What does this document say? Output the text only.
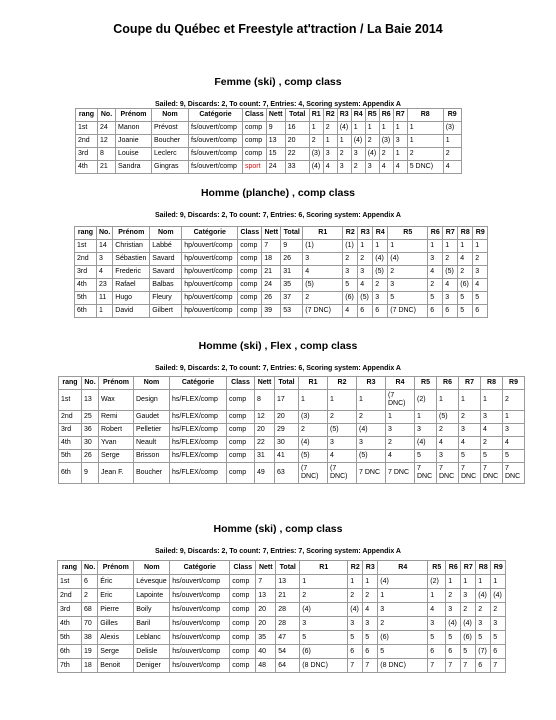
Coupe du Québec et Freestyle at'traction / La Baie 2014
Femme (ski) , comp class
Sailed: 9, Discards: 2, To count: 7, Entries: 4, Scoring system: Appendix A
rang	No.	Prénom	Nom	Catégorie	Class	Nett	Total	R1	R2	R3	R4	R5	R6	R7	R8	R9
1st	24	Manon	Prévost	fs/ouvert/comp	comp	9	16	1	2	(4)	1	1	1	1	1	(3)
2nd	12	Joanie	Boucher	fs/ouvert/comp	comp	13	20	2	1	1	(4)	2	(3)	3	1	1
3rd	8	Louise	Leclerc	fs/ouvert/comp	comp	15	22	(3)	3	2	3	(4)	2	1	2	2
4th	21	Sandra	Gingras	fs/ouvert/comp	sport	24	33	(4)	4	3	2	3	4	4	5 DNC)	4
Homme (planche) , comp class
Sailed: 9, Discards: 2, To count: 7, Entries: 6, Scoring system: Appendix A
rang	No.	Prénom	Nom	Catégorie	Class	Nett	Total	R1	R2	R3	R4	R5	R6	R7	R8	R9
1st	14	Christian	Labbé	hp/ouvert/comp	comp	7	9	(1)	(1)	1	1	1	1	1	1	1
2nd	3	Sébastien	Savard	hp/ouvert/comp	comp	18	26	3	2	2	(4)	(4)	3	2	4	2
3rd	4	Frederic	Savard	hp/ouvert/comp	comp	21	31	4	3	3	(5)	2	4	(5)	2	3
4th	23	Rafael	Balbas	hp/ouvert/comp	comp	24	35	(5)	5	4	2	3	2	4	(6)	4
5th	11	Hugo	Fleury	hp/ouvert/comp	comp	26	37	2	(6)	(5)	3	5	5	3	5	5
6th	1	David	Gilbert	hp/ouvert/comp	comp	39	53	(7 DNC)	4	6	6	(7 DNC)	6	6	5	6
Homme (ski) , Flex , comp class
Sailed: 9, Discards: 2, To count: 7, Entries: 6, Scoring system: Appendix A
rang	No.	Prénom	Nom	Catégorie	Class	Nett	Total	R1	R2	R3	R4	R5	R6	R7	R8	R9
1st	13	Wax	Design	hs/FLEX/comp	comp	8	17	1	1	1	(7 DNC)	(2)	1	1	1	2
2nd	25	Remi	Gaudet	hs/FLEX/comp	comp	12	20	(3)	2	2	1	1	(5)	2	3	1
3rd	36	Robert	Pelletier	hs/FLEX/comp	comp	20	29	2	(5)	(4)	3	3	2	3	4	3
4th	30	Yvan	Neault	hs/FLEX/comp	comp	22	30	(4)	3	3	2	(4)	4	4	2	4
5th	26	Serge	Brisson	hs/FLEX/comp	comp	31	41	(5)	4	(5)	4	5	3	5	5	5
6th	9	Jean F.	Boucher	hs/FLEX/comp	comp	49	63	(7 DNC)	(7 DNC)	7 DNC	7 DNC	7 DNC	7 DNC	7 DNC	7 DNC	7 DNC
Homme (ski) , comp class
Sailed: 9, Discards: 2, To count: 7, Entries: 7, Scoring system: Appendix A
rang	No.	Prénom	Nom	Catégorie	Class	Nett	Total	R1	R2	R3	R4	R5	R6	R7	R8	R9
1st	6	Éric	Lévesque	hs/ouvert/comp	comp	7	13	1	1	1	(4)	(2)	1	1	1	1
2nd	2	Eric	Lapointe	hs/ouvert/comp	comp	13	21	2	2	2	1	1	2	3	(4)	(4)
3rd	68	Pierre	Boily	hs/ouvert/comp	comp	20	28	(4)	(4)	4	3	4	3	2	2	2
4th	70	Gilles	Baril	hs/ouvert/comp	comp	20	28	3	3	3	2	3	(4)	(4)	3	3
5th	38	Alexis	Leblanc	hs/ouvert/comp	comp	35	47	5	5	5	(6)	5	5	(6)	5	5
6th	19	Serge	Delisle	hs/ouvert/comp	comp	40	54	(6)	6	6	5	6	6	5	(7)	6
7th	18	Benoit	Deniger	hs/ouvert/comp	comp	48	64	(8 DNC)	7	7	(8 DNC)	7	7	7	6	7
